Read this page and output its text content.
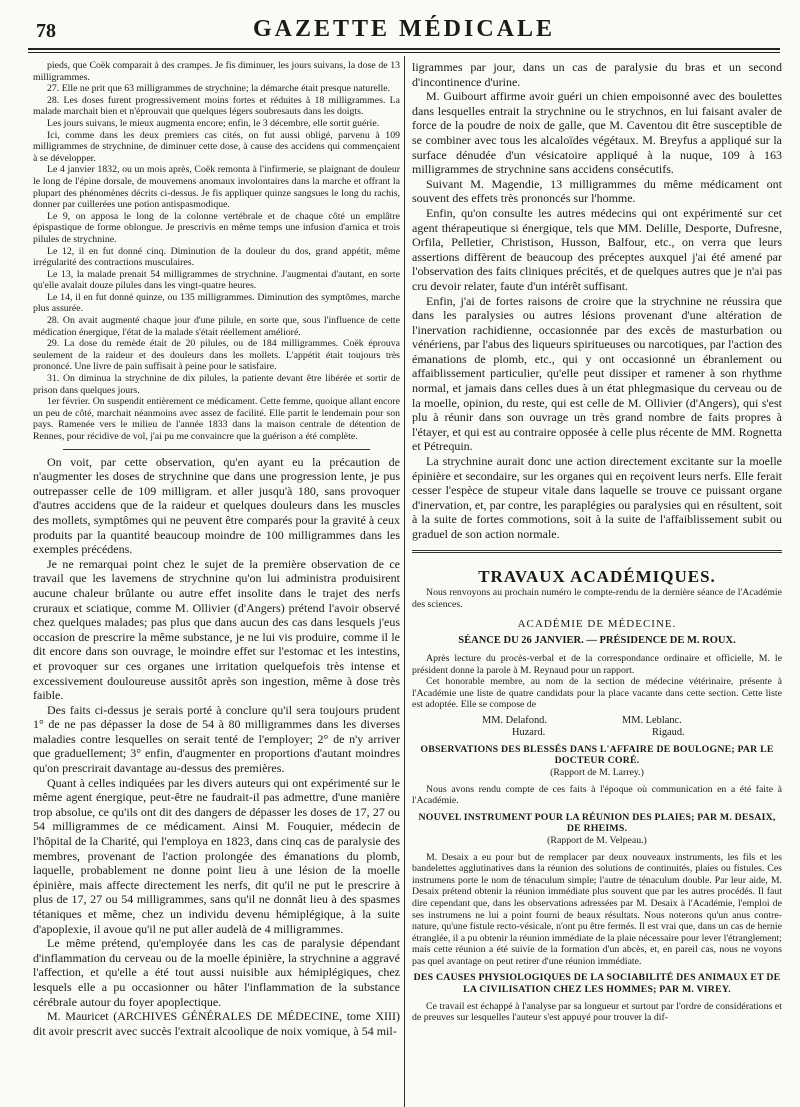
78	GAZETTE MÉDICALE

pieds, que Coëk comparait à des crampes. Je fis diminuer, les jours suivans, la dose de 13 milligrammes.

27. Elle ne prit que 63 milligrammes de strychnine; la démarche était presque naturelle.

28. Les doses furent progressivement moins fortes et réduites à 18 milligrammes. La malade marchait bien et n'éprouvait que quelques légers soubresauts dans les doigts.

Les jours suivans, le mieux augmenta encore; enfin, le 3 décembre, elle sortit guérie.

Ici, comme dans les deux premiers cas cités, on fut aussi obligé, parvenu à 109 milligrammes de strychnine, de diminuer cette dose, à cause des accidens qui commençaient à se développer.

Le 4 janvier 1832, ou un mois après, Coëk remonta à l'infirmerie, se plaignant de douleur le long de l'épine dorsale, de mouvemens anomaux involontaires dans la marche et offrant la plupart des phénomènes décrits ci-dessus. Je fis appliquer quinze sangsues le long du rachis, donner par cuillerées une potion antispasmodique.

Le 9, on apposa le long de la colonne vertébrale et de chaque côté un emplâtre épispastique de forme oblongue. Je prescrivis en même temps une infusion d'arnica et trois pilules de strychnine.

Le 12, il en fut donné cinq. Diminution de la douleur du dos, grand appétit, même irrégularité des contractions musculaires.

Le 13, la malade prenait 54 milligrammes de strychnine. J'augmentai d'autant, en sorte qu'elle avalait douze pilules dans les vingt-quatre heures.

Le 14, il en fut donné quinze, ou 135 milligrammes. Diminution des symptômes, marche plus assurée.

28. On avait augmenté chaque jour d'une pilule, en sorte que, sous l'influence de cette médication énergique, l'état de la malade s'était réellement amélioré.

29. La dose du remède était de 20 pilules, ou de 184 milligrammes. Coëk éprouva seulement de la raideur et des douleurs dans les mollets. L'appétit était toujours très prononcé. Une livre de pain suffisait à peine pour le satisfaire.

31. On diminua la strychnine de dix pilules, la patiente devant être libérée et sortir de prison dans quelques jours.

1er février. On suspendit entièrement ce médicament. Cette femme, quoique allant encore un peu de côté, marchait néanmoins avec assez de facilité. Elle partit le lendemain pour son pays. Ramenée vers le milieu de l'année 1833 dans la maison centrale de détention de Rennes, pour récidive de vol, j'ai pu me convaincre que la guérison a été complète.

On voit, par cette observation, qu'en ayant eu la précaution de n'augmenter les doses de strychnine que dans une progression lente, je pus outrepasser celle de 109 milligram. et aller jusqu'à 180, sans provoquer d'autres accidens que de la raideur et quelques douleurs dans les muscles des mollets, symptômes qui ne peuvent être comparés pour la gravité à ceux produits par la quantité beaucoup moindre de 100 milligrammes dans les exemples précédens.

Je ne remarquai point chez le sujet de la première observation de ce travail que les lavemens de strychnine qu'on lui administra produisirent aucune chaleur brûlante ou autre effet insolite dans le trajet des nerfs cruraux et sciatique, comme M. Ollivier (d'Angers) prétend l'avoir observé chez quelques malades; pas plus que dans aucun des cas dans lesquels j'eus occasion de prescrire la même substance, je ne lui vis produire, comme il le dit encore dans son ouvrage, le moindre effet sur l'estomac et les intestins, et provoquer sur ces organes une irritation quelquefois très intense et excessivement douloureuse aussitôt après son ingestion, même à dose très faible.

Des faits ci-dessus je serais porté à conclure qu'il sera toujours prudent 1° de ne pas dépasser la dose de 54 à 80 milligrammes dans les diverses maladies contre lesquelles on serait tenté de l'employer; 2° de n'y arriver que graduellement; 3° enfin, d'augmenter en proportions d'autant moindres qu'on prescrirait davantage au-dessus des premières.

Quant à celles indiquées par les divers auteurs qui ont expérimenté sur le même agent énergique, peut-être ne faudrait-il pas admettre, d'une manière trop absolue, ce qu'ils ont dit des dangers de dépasser les doses de 17, 27 ou 54 milligrammes de ce médicament. Ainsi M. Fouquier, médecin de l'hôpital de la Charité, qui l'employa en 1823, dans cinq cas de paralysie des membres, provenant de l'action prolongée des émanations du plomb, laquelle, probablement ne donne point lieu à une lésion de la moelle épinière, mais affecte directement les nerfs, dit qu'il ne put le prescrire à plus de 17, 27 ou 54 milligrammes, sans qu'il ne donnât lieu à des spasmes tétaniques et même, chez un individu devenu hémiplégique, à la suite d'apoplexie, il avoue qu'il ne put aller audelà de 4 milligrammes.

Le même prétend, qu'employée dans les cas de paralysie dépendant d'inflammation du cerveau ou de la moelle épinière, la strychnine a aggravé l'affection, et qu'elle a été tout aussi nuisible aux hémiplégiques, chez lesquels elle a pu occasionner ou hâter l'inflammation de la substance cérébrale autour du foyer apoplectique.

M. Mauricet (ARCHIVES GÉNÉRALES DE MÉDECINE, tome XIII) dit avoir prescrit avec succès l'extrait alcoolique de noix vomique, à 54 mil-

ligrammes par jour, dans un cas de paralysie du bras et un second d'incontinence d'urine.

M. Guibourt affirme avoir guéri un chien empoisonné avec des boulettes dans lesquelles entrait la strychnine ou le strychnos, en lui faisant avaler de force de la poudre de noix de galle, que M. Caventou dit être susceptible de se combiner avec tous les alcaloïdes végétaux. M. Breyfus a appliqué sur la surface dénudée d'un vésicatoire appliqué à la nuque, 109 à 163 milligrammes de strychnine sans accidens consécutifs.

Suivant M. Magendie, 13 milligrammes du même médicament ont souvent des effets très prononcés sur l'homme.

Enfin, qu'on consulte les autres médecins qui ont expérimenté sur cet agent thérapeutique si énergique, tels que MM. Delille, Desporte, Dufresne, Orfila, Pelletier, Christison, Husson, Balfour, etc., on verra que leurs assertions diffèrent de beaucoup des préceptes auxquel j'ai été amené par l'observation des faits cliniques précités, et de quelques autres que je n'ai pas cru devoir relater, faute d'un intérêt suffisant.

Enfin, j'ai de fortes raisons de croire que la strychnine ne réussira que dans les paralysies ou autres lésions provenant d'une altération de l'inervation rachidienne, occasionnée par des excès de masturbation ou vénériens, par l'abus des liqueurs spiritueuses ou narcotiques, par l'action des émanations de plomb, etc., qui y ont occasionné un ébranlement ou affaiblissement particulier, qu'elle peut dissiper et ramener à son rhythme normal, et jamais dans celles dues à un état phlegmasique du cerveau ou de la moelle, opinion, du reste, qui est celle de M. Ollivier (d'Angers), qui s'est plu à réunir dans son ouvrage un très grand nombre de faits propres à l'étayer, et qui est au contraire opposée à celle plus récente de MM. Rognetta et Pétrequin.

La strychnine aurait donc une action directement excitante sur la moelle épinière et secondaire, sur les organes qui en reçoivent leurs nerfs. Elle ferait cesser l'espèce de stupeur vitale dans laquelle se trouve ce puissant organe d'inervation, et, par contre, les paraplégies ou paralysies qui en résultent, soit à la suite de fortes commotions, soit à la suite de l'affaiblissement subit ou graduel de son action normale.

TRAVAUX ACADÉMIQUES.

Nous renvoyons au prochain numéro le compte-rendu de la dernière séance de l'Académie des sciences.

ACADÉMIE DE MÉDECINE.
SÉANCE DU 26 JANVIER. — PRÉSIDENCE DE M. ROUX.

Après lecture du procès-verbal et de la correspondance ordinaire et officielle, M. le président donne la parole à M. Reynaud pour un rapport.

Cet honorable membre, au nom de la section de médecine vétérinaire, présente à l'Académie une liste de quatre candidats pour la place vacante dans cette section. Cette liste est adoptée. Elle se compose de

MM. Delafond.	MM. Leblanc.
Huzard.	Rigaud.

OBSERVATIONS DES BLESSÉS DANS L'AFFAIRE DE BOULOGNE; PAR LE DOCTEUR CORÉ.

(Rapport de M. Larrey.)

Nous avons rendu compte de ces faits à l'époque où communication en a été faite à l'Académie.

NOUVEL INSTRUMENT POUR LA RÉUNION DES PLAIES; PAR M. DESAIX, DE RHEIMS.

(Rapport de M. Velpeau.)

M. Desaix a eu pour but de remplacer par deux nouveaux instruments, les fils et les bandelettes agglutinatives dans la réunion des solutions de continuités, plaies ou fistules. Ces instrumens porte le nom de ténaculum simple; l'autre de ténaculum double. Par leur aide, M. Desaix prétend obtenir la réunion immédiate plus souvent que par les autres procédés. Il faut dire cependant que, dans les observations adressées par M. Desaix à l'Académie, l'emploi de ses instrumens ne lui a point fourni de beaux résultats. Nous noterons qu'un anus contre-nature, qu'une fistule recto-vésicale, n'ont pu être fermés. Il est vrai que, dans un cas de hernie étranglée, il a pu obtenir la réunion immédiate de la plaie nécessaire pour lever l'étranglement; mais cette réunion a été suivie de la formation d'un abcès, et, en pareil cas, nous ne voyons pas quel avantage on peut retirer d'une réunion immédiate.

DES CAUSES PHYSIOLOGIQUES DE LA SOCIABILITÉ DES ANIMAUX ET DE LA CIVILISATION CHEZ LES HOMMES; PAR M. VIREY.

Ce travail est échappé à l'analyse par sa longueur et surtout par l'ordre de considérations et de preuves sur lesquelles l'auteur s'est appuyé pour trouver la dif-
